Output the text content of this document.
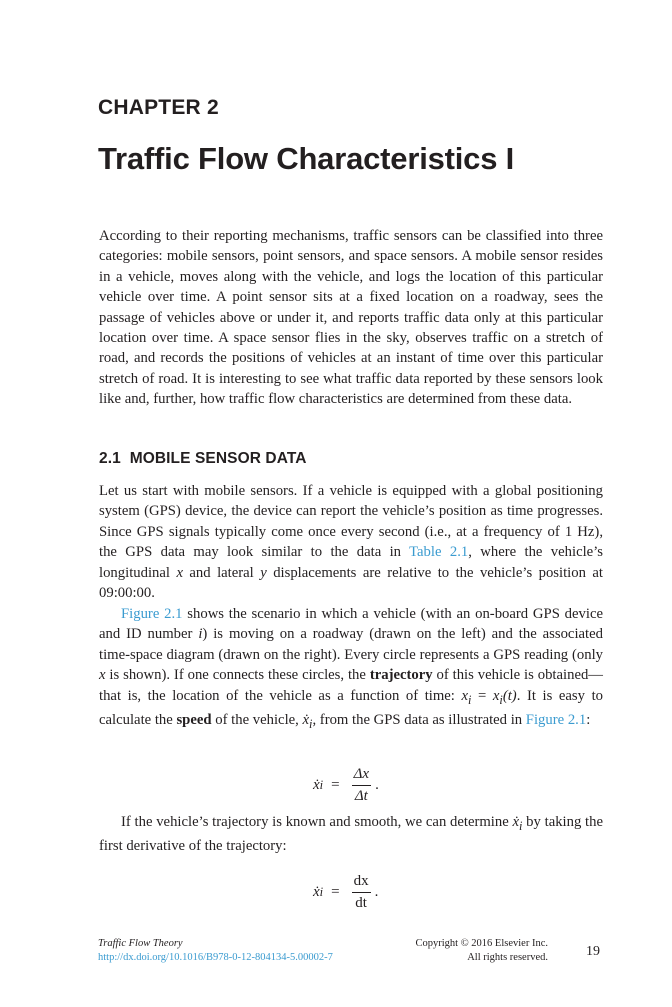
CHAPTER 2
Traffic Flow Characteristics I

According to their reporting mechanisms, traffic sensors can be classified into three categories: mobile sensors, point sensors, and space sensors. A mobile sensor resides in a vehicle, moves along with the vehicle, and logs the location of this particular vehicle over time. A point sensor sits at a fixed location on a roadway, sees the passage of vehicles above or under it, and reports traffic data only at this particular location over time. A space sensor flies in the sky, observes traffic on a stretch of road, and records the positions of vehicles at an instant of time over this particular stretch of road. It is interesting to see what traffic data reported by these sensors look like and, further, how traffic flow characteristics are determined from these data.

2.1 MOBILE SENSOR DATA

Let us start with mobile sensors. If a vehicle is equipped with a global positioning system (GPS) device, the device can report the vehicle’s position as time progresses. Since GPS signals typically come once every second (i.e., at a frequency of 1 Hz), the GPS data may look similar to the data in Table 2.1, where the vehicle’s longitudinal x and lateral y displacements are relative to the vehicle’s position at 09:00:00.

Figure 2.1 shows the scenario in which a vehicle (with an on-board GPS device and ID number i) is moving on a roadway (drawn on the left) and the associated time-space diagram (drawn on the right). Every circle represents a GPS reading (only x is shown). If one connects these circles, the trajectory of this vehicle is obtained—that is, the location of the vehicle as a function of time: $x_i = x_i(t)$. It is easy to calculate the speed of the vehicle, ẋ$_i$, from the GPS data as illustrated in Figure 2.1:

ẋ $i = \frac{\Delta x}{\Delta t}$ .

If the vehicle’s trajectory is known and smooth, we can determine ẋ$_i$ by taking the first derivative of the trajectory:

ẋ $i = \frac{dx}{dt}$ .
Traffic Flow Theory
http://dx.doi.org/10.1016/B978-0-12-804134-5.00002-7
Copyright © 2016 Elsevier Inc.
All rights reserved.	19
